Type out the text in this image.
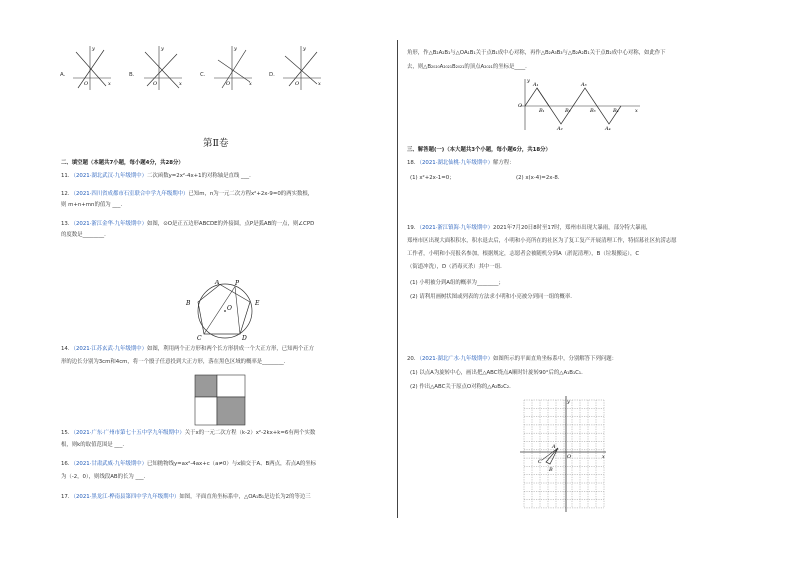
A.
y
x
O
B.
y
x
O
C.
y
x
O
D.
y
x
O
第Ⅱ卷
二、填空题（本题共7小题，每小题4分，共28分）
11．（2021·湖北武汉·九年级期中）二次函数y=2x²-4x+1的对称轴是直线 ___.
12．（2021·四川省成都市石室联合中学九年级期中）已知m，n为一元二次方程x²+2x-9=0的两实数根，
则 m+n+mn的值为 ___.
13．（2021·浙江金华·九年级期中）如图，⊙O是正五边形ABCDE的外接圆，点P是弧AB的一点，则∠CPD
的度数是________.
A	P
B	E
O
C	D
14．（2021·江苏玄武·九年级期中）如图，利用两个正方形和两个长方形拼成一个大正方形，已知两个正方
形的边长分别为3cm和4cm，将一个骰子任意投到大正方形，落在黑色区域的概率是________.
15．（2021·广东·广州市第七十五中学九年级期中）关于x的一元二次方程（k-2）x²-2kx+k=6有两个实数
根，则k的取值范围是 ___.
16．（2021·甘肃武威·九年级期中）已知抛物线y=ax²-4ax+c（a≠0）与x轴交于A、B两点，若点A的坐标
为（-2，0），则线段AB的长为 ___.
17．（2021·黑龙江·桦南县第四中学九年级期中）如图，平面直角坐标系中，△OA₁B₁是边长为2的等边三
角形，作△B₂A₂B₁与△OA₁B₁关于点B₁成中心对称，再作△B₂A₃B₃与△B₂A₂B₁关于点B₂成中心对称，如此作下
去，则△B₂₀₂₀A₂₀₂₁B₂₀₂₁的顶点A₂₀₂₁的坐标是____.
y
A₁	A₃
O
B₁	B₂	B₃	B₄	x
A₂	A₄
三、解答题(一)（本大题共3个小题，每小题6分，共18分）
18．（2021·湖北仙桃·九年级期中）解方程：
(1) x²+2x-1=0；	(2) x(x-4)=2x-8．
19．（2021·浙江镇海·九年级期中）2021年7月20日8时至17时，郑州市出现大暴雨，部分特大暴雨，
郑州市区出现大面积积水，积水退去后，小明和小亮所在的社区为了复工复产开展清理工作，特招募社区抗涝志愿
工作者，小明和小亮报名参加，根据规定，志愿者会被随机分到A（淤泥清理），B（垃圾搬运），C
（街道冲洗），D（消毒灭杀）其中一组．
(1) 小明被分到A组的概率为________；
(2) 请利用画树状图或列表的方法求小明和小亮被分到同一组的概率．
20．（2021·湖北广水·九年级期中）如图所示的平面直角坐标系中，分别解答下列问题：
(1) 以点A为旋转中心，画出把△ABC绕点A顺时针旋转90°后的△A₁B₁C₁．
(2) 作出△ABC关于原点O对称的△A₂B₂C₂．
y
x
A
O
C
B
